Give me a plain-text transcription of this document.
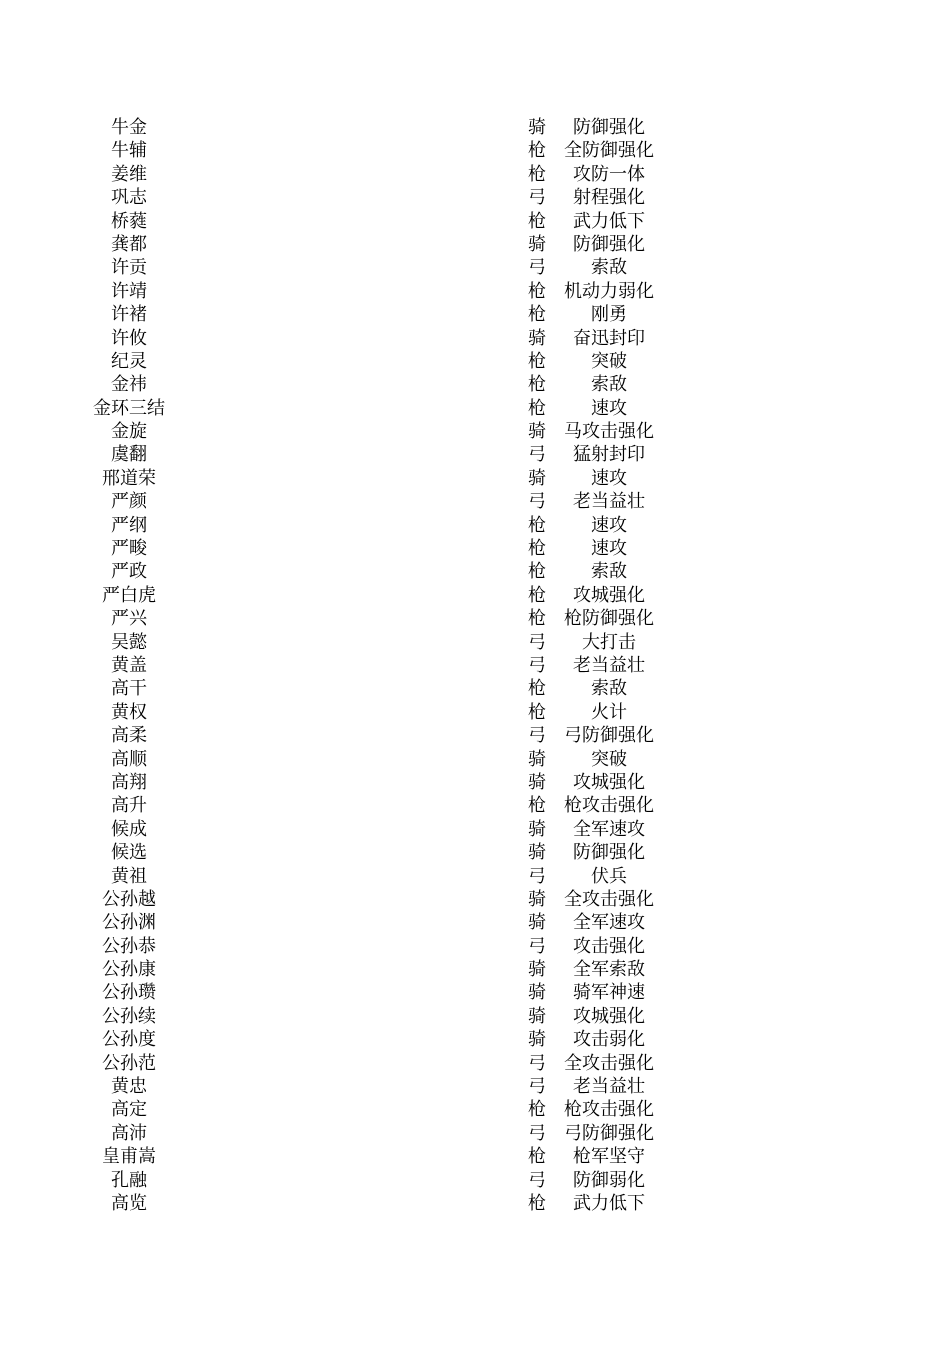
牛金	骑	防御强化
牛辅	枪	全防御强化
姜维	枪	攻防一体
巩志	弓	射程强化
桥蕤	枪	武力低下
龚都	骑	防御强化
许贡	弓	索敌
许靖	枪	机动力弱化
许褚	枪	刚勇
许攸	骑	奋迅封印
纪灵	枪	突破
金祎	枪	索敌
金环三结	枪	速攻
金旋	骑	马攻击强化
虞翻	弓	猛射封印
邢道荣	骑	速攻
严颜	弓	老当益壮
严纲	枪	速攻
严畯	枪	速攻
严政	枪	索敌
严白虎	枪	攻城强化
严兴	枪	枪防御强化
吴懿	弓	大打击
黄盖	弓	老当益壮
高干	枪	索敌
黄权	枪	火计
高柔	弓	弓防御强化
高顺	骑	突破
高翔	骑	攻城强化
高升	枪	枪攻击强化
候成	骑	全军速攻
候选	骑	防御强化
黄祖	弓	伏兵
公孙越	骑	全攻击强化
公孙渊	骑	全军速攻
公孙恭	弓	攻击强化
公孙康	骑	全军索敌
公孙瓒	骑	骑军神速
公孙续	骑	攻城强化
公孙度	骑	攻击弱化
公孙范	弓	全攻击强化
黄忠	弓	老当益壮
高定	枪	枪攻击强化
高沛	弓	弓防御强化
皇甫嵩	枪	枪军坚守
孔融	弓	防御弱化
高览	枪	武力低下
